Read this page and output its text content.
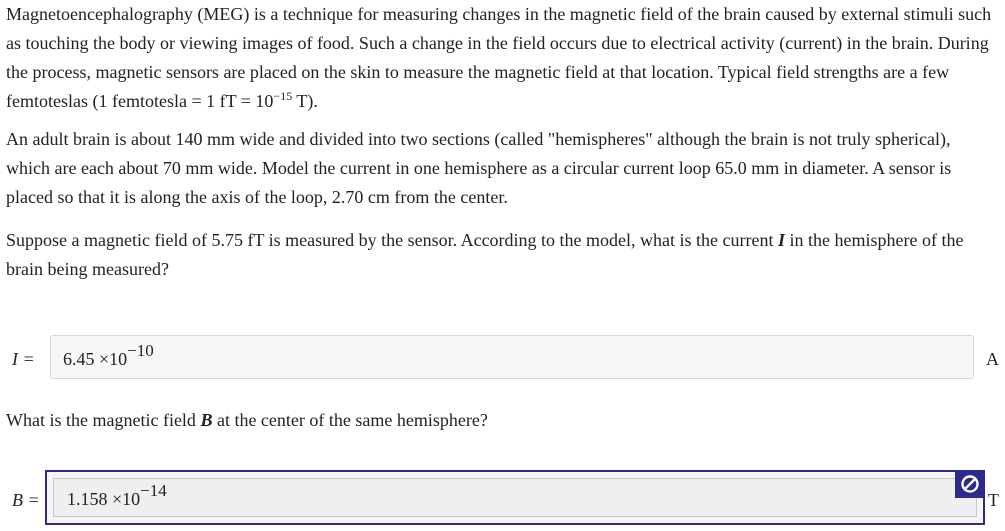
Magnetoencephalography (MEG) is a technique for measuring changes in the magnetic field of the brain caused by external stimuli such as touching the body or viewing images of food. Such a change in the field occurs due to electrical activity (current) in the brain. During the process, magnetic sensors are placed on the skin to measure the magnetic field at that location. Typical field strengths are a few femtoteslas (1 femtotesla = 1 fT = $10^{-15}$ T).

An adult brain is about 140 mm wide and divided into two sections (called "hemispheres" although the brain is not truly spherical), which are each about 70 mm wide. Model the current in one hemisphere as a circular current loop 65.0 mm in diameter. A sensor is placed so that it is along the axis of the loop, 2.70 cm from the center.

Suppose a magnetic field of 5.75 fT is measured by the sensor. According to the model, what is the current I in the hemisphere of the brain being measured?

I = 6.45 ×10−10	A

What is the magnetic field B at the center of the same hemisphere?

B = 1.158 ×10−14	T
